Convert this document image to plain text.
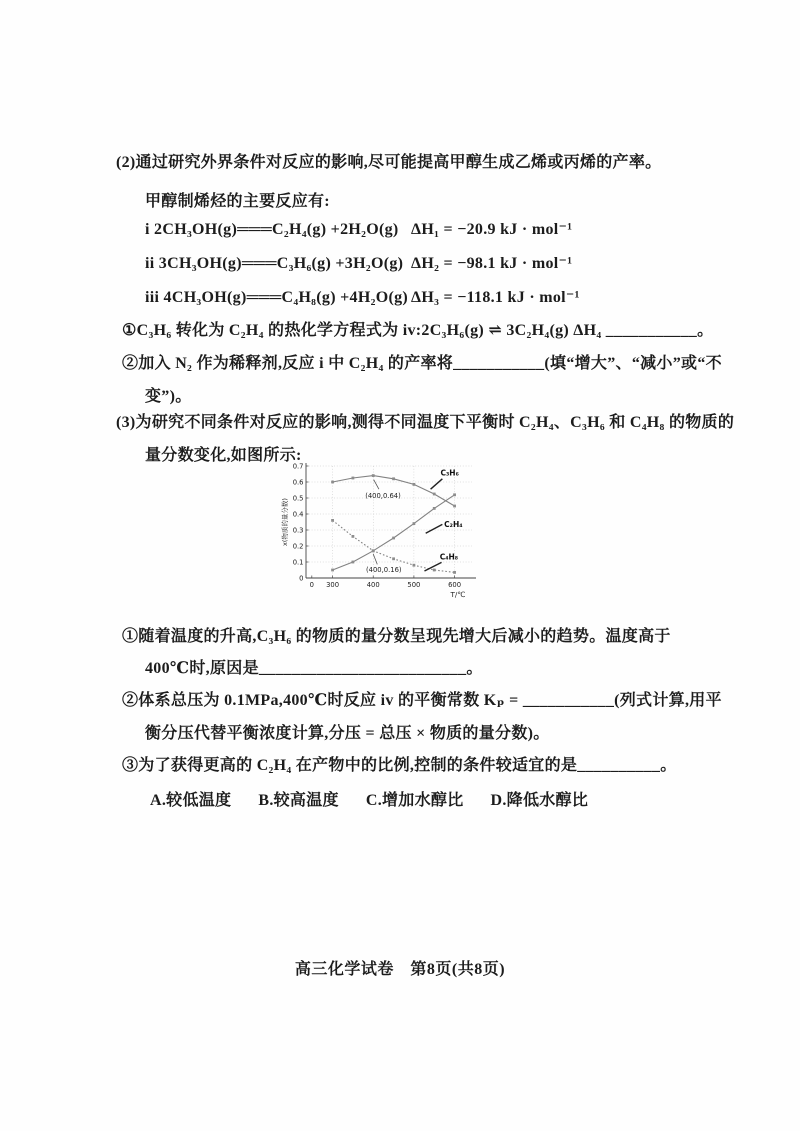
(2)通过研究外界条件对反应的影响,尽可能提高甲醇生成乙烯或丙烯的产率。
甲醇制烯烃的主要反应有:
i 2CH₃OH(g)═══C₂H₄(g) +2H₂O(g) ΔH₁ = −20.9 kJ · mol⁻¹
ii 3CH₃OH(g)═══C₃H₆(g) +3H₂O(g) ΔH₂ = −98.1 kJ · mol⁻¹
iii 4CH₃OH(g)═══C₄H₈(g) +4H₂O(g) ΔH₃ = −118.1 kJ · mol⁻¹
①C₃H₆ 转化为 C₂H₄ 的热化学方程式为 iv:2C₃H₆(g) ⇌ 3C₂H₄(g) ΔH₄ ___________。
②加入 N₂ 作为稀释剂,反应 i 中 C₂H₄ 的产率将___________(填“增大”、“减小”或“不
变”)。
(3)为研究不同条件对反应的影响,测得不同温度下平衡时 C₂H₄、C₃H₆ 和 C₄H₈ 的物质的
量分数变化,如图所示:
0
0.1
0.2
0.3
0.4
0.5
0.6
0.7
0 300	400	500	600
T/℃
x(物质的量分数)
C₃H₆
C₂H₄
C₄H₈
(400,0.64)
(400,0.16)
①随着温度的升高,C₃H₆ 的物质的量分数呈现先增大后减小的趋势。温度高于
400℃时,原因是_________________________。
②体系总压为 0.1MPa,400℃时反应 iv 的平衡常数 Kₚ = ___________(列式计算,用平
衡分压代替平衡浓度计算,分压 = 总压 × 物质的量分数)。
③为了获得更高的 C₂H₄ 在产物中的比例,控制的条件较适宜的是__________。
A.较低温度 B.较高温度 C.增加水醇比 D.降低水醇比
高三化学试卷　第8页(共8页)
